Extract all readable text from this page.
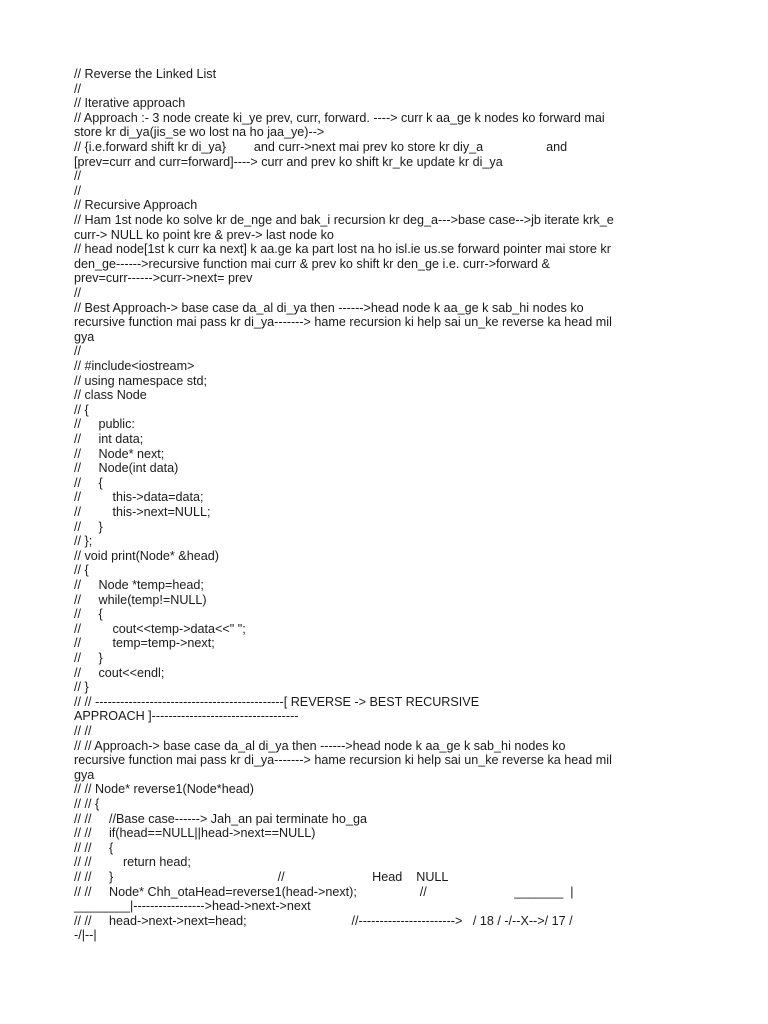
// Reverse the Linked List
//
// Iterative approach
// Approach :- 3 node create ki_ye prev, curr, forward. ----> curr k aa_ge k nodes ko forward mai
store kr di_ya(jis_se wo lost na ho jaa_ye)-->
// {i.e.forward shift kr di_ya}        and curr->next mai prev ko store kr diy_a                  and
[prev=curr and curr=forward]----> curr and prev ko shift kr_ke update kr di_ya
//
//
// Recursive Approach
// Ham 1st node ko solve kr de_nge and bak_i recursion kr deg_a--->base case-->jb iterate krk_e
curr-> NULL ko point kre & prev-> last node ko
// head node[1st k curr ka next] k aa.ge ka part lost na ho isl.ie us.se forward pointer mai store kr
den_ge------>recursive function mai curr & prev ko shift kr den_ge i.e. curr->forward &
prev=curr------>curr->next= prev
//
// Best Approach-> base case da_al di_ya then ------>head node k aa_ge k sab_hi nodes ko
recursive function mai pass kr di_ya-------> hame recursion ki help sai un_ke reverse ka head mil
gya
//
// #include<iostream>
// using namespace std;
// class Node
// {
//     public:
//     int data;
//     Node* next;
//     Node(int data)
//     {
//         this->data=data;
//         this->next=NULL;
//     }
// };
// void print(Node* &head)
// {
//     Node *temp=head;
//     while(temp!=NULL)
//     {
//         cout<<temp->data<<" ";
//         temp=temp->next;
//     }
//     cout<<endl;
// }
// // ---------------------------------------------[ REVERSE -> BEST RECURSIVE
APPROACH ]-----------------------------------
// //
// // Approach-> base case da_al di_ya then ------>head node k aa_ge k sab_hi nodes ko
recursive function mai pass kr di_ya-------> hame recursion ki help sai un_ke reverse ka head mil
gya
// // Node* reverse1(Node*head)
// // {
// //     //Base case------> Jah_an pai terminate ho_ga
// //     if(head==NULL||head->next==NULL)
// //     {
// //         return head;
// //     }                                               //                         Head    NULL
// //     Node* Chh_otaHead=reverse1(head->next);                  //                         _______  |
________|----------------->head->next->next
// //     head->next->next=head;                              //----------------------->   / 18 / -/--X-->/ 17 /
-/|--|
